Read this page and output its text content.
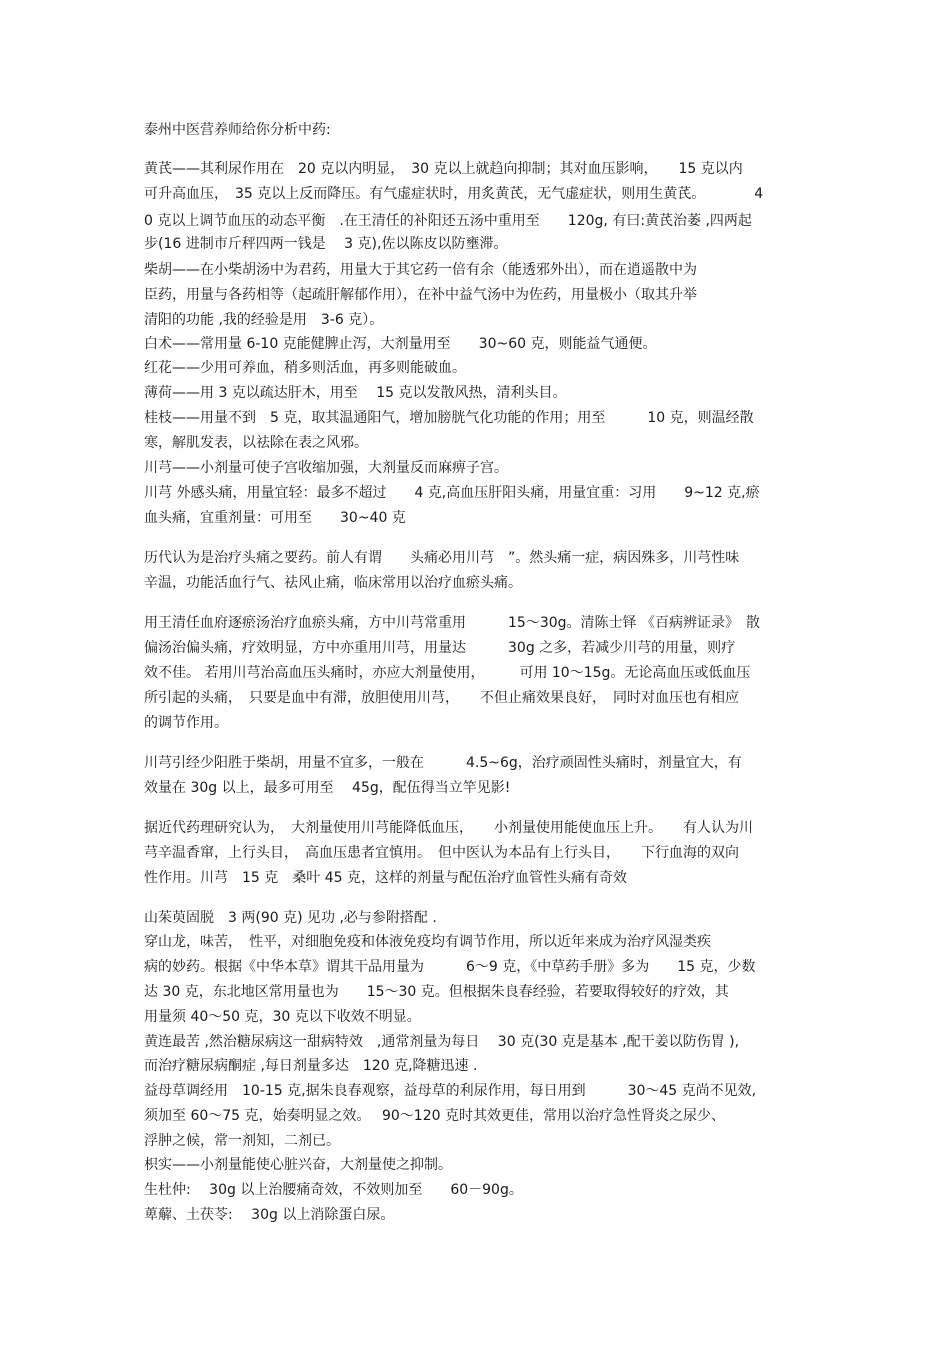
泰州中医营养师给你分析中药:
黄芪——其利尿作用在　20 克以内明显，　30 克以上就趋向抑制；其对血压影响，　　15 克以内
可升高血压，　35 克以上反而降压。有气虚症状时，用炙黄芪，无气虚症状，则用生黄芪。　　　　4
0 克以上调节血压的动态平衡　.在王清任的补阳还五汤中重用至　　120g, 有曰:黄芪治萎 ,四两起
步(16 进制市斤秤四两一钱是　 3 克),佐以陈皮以防壅滞。
柴胡——在小柴胡汤中为君药，用量大于其它药一倍有余（能透邪外出），而在逍遥散中为
臣药，用量与各药相等（起疏肝解郁作用），在补中益气汤中为佐药，用量极小（取其升举
清阳的功能 ,我的经验是用　3-6 克）。
白术——常用量 6-10 克能健脾止泻，大剂量用至　　30~60 克，则能益气通便。
红花——少用可养血，稍多则活血，再多则能破血。
薄荷——用 3 克以疏达肝木，用至　 15 克以发散风热，清利头目。
桂枝——用量不到　5 克，取其温通阳气，增加膀胱气化功能的作用；用至　　　10 克，则温经散
寒，解肌发表，以祛除在表之风邪。
川芎——小剂量可使子宫收缩加强，大剂量反而麻痹子宫。
川芎 外感头痛，用量宜轻：最多不超过　　4 克,高血压肝阳头痛，用量宜重：习用　　9~12 克,瘀
血头痛，宜重剂量：可用至　　30~40 克
历代认为是治疗头痛之要药。前人有谓　　头痛必用川芎　”。然头痛一症，病因殊多，川芎性味
辛温，功能活血行气、祛风止痛，临床常用以治疗血瘀头痛。
用王清任血府逐瘀汤治疗血瘀头痛，方中川芎常重用　　　15～30g。清陈士铎 《百病辨证录》　散
偏汤治偏头痛，疗效明显，方中亦重用川芎，用量达　　　30g 之多，若减少川芎的用量，则疗
效不佳。 若用川芎治高血压头痛时，亦应大剂量使用，　　　可用 10～15g。无论高血压或低血压
所引起的头痛，　只要是血中有滞，放胆使用川芎，　　不但止痛效果良好，　同时对血压也有相应
的调节作用。
川芎引经少阳胜于柴胡，用量不宜多，一般在　　　4.5~6g，治疗顽固性头痛时，剂量宜大，有
效量在 30g 以上，最多可用至　 45g，配伍得当立竿见影!
据近代药理研究认为，　大剂量使用川芎能降低血压，　　小剂量使用能使血压上升。　　有人认为川
芎辛温香窜，上行头目，　高血压患者宜慎用。　但中医认为本品有上行头目，　　下行血海的双向
性作用。川芎　15 克　桑叶 45 克，这样的剂量与配伍治疗血管性头痛有奇效
山茱萸固脱　3 两(90 克) 见功 ,必与参附搭配 .
穿山龙，味苦，　性平，对细胞免疫和体液免疫均有调节作用，所以近年来成为治疗风湿类疾
病的妙药。根据《中华本草》谓其干品用量为　　　6～9 克，《中草药手册》多为　　15 克，少数
达 30 克，东北地区常用量也为　　15～30 克。但根据朱良春经验，若要取得较好的疗效，其
用量须 40～50 克，30 克以下收效不明显。
黄连最苦 ,然治糖尿病这一甜病特效　,通常剂量为每日　 30 克(30 克是基本 ,配干姜以防伤胃 ),
而治疗糖尿病酮症 ,每日剂量多达　120 克,降糖迅速 .
益母草调经用　10-15 克,据朱良春观察，益母草的利尿作用，每日用到　　　30～45 克尚不见效,
须加至 60～75 克，始奏明显之效。　 90～120 克时其效更佳，常用以治疗急性肾炎之尿少、
浮肿之候，常一剂知，二剂已。
枳实——小剂量能使心脏兴奋，大剂量使之抑制。
生杜仲:　 30g 以上治腰痛奇效，不效则加至　　60－90g。
萆薢、土茯苓:　 30g 以上消除蛋白尿。
